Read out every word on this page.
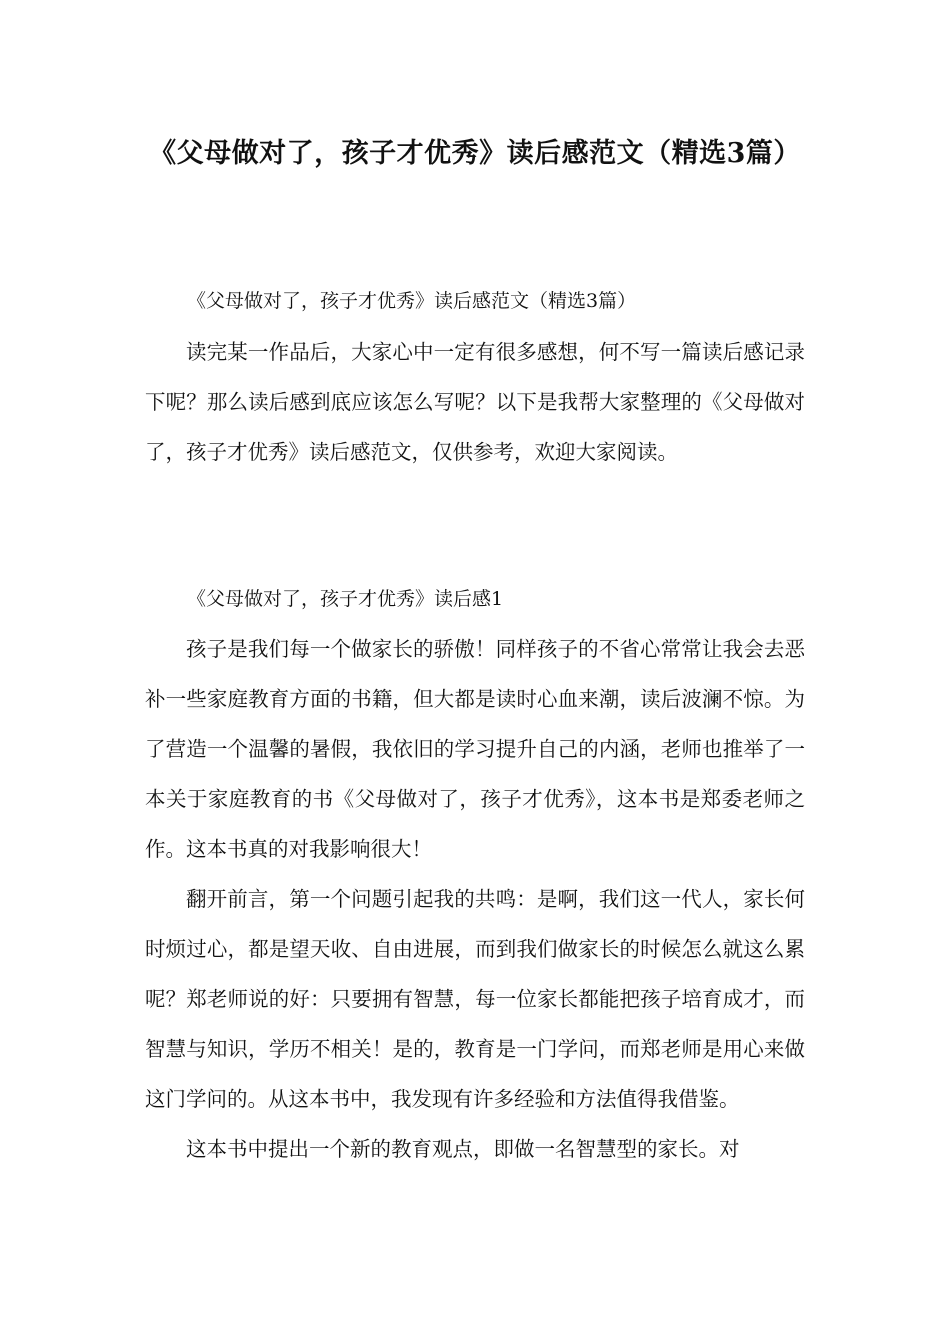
《父母做对了，孩子才优秀》读后感范文（精选3篇）
《父母做对了，孩子才优秀》读后感范文（精选3篇）

读完某一作品后，大家心中一定有很多感想，何不写一篇读后感记录下呢？那么读后感到底应该怎么写呢？以下是我帮大家整理的《父母做对了，孩子才优秀》读后感范文，仅供参考，欢迎大家阅读。

《父母做对了，孩子才优秀》读后感1

孩子是我们每一个做家长的骄傲！同样孩子的不省心常常让我会去恶补一些家庭教育方面的书籍，但大都是读时心血来潮，读后波澜不惊。为了营造一个温馨的暑假，我依旧的学习提升自己的内涵，老师也推举了一本关于家庭教育的书《父母做对了，孩子才优秀》，这本书是郑委老师之作。这本书真的对我影响很大！

翻开前言，第一个问题引起我的共鸣：是啊，我们这一代人，家长何时烦过心，都是望天收、自由进展，而到我们做家长的时候怎么就这么累呢？郑老师说的好：只要拥有智慧，每一位家长都能把孩子培育成才，而智慧与知识，学历不相关！是的，教育是一门学问，而郑老师是用心来做这门学问的。从这本书中，我发现有许多经验和方法值得我借鉴。

这本书中提出一个新的教育观点，即做一名智慧型的家长。对
